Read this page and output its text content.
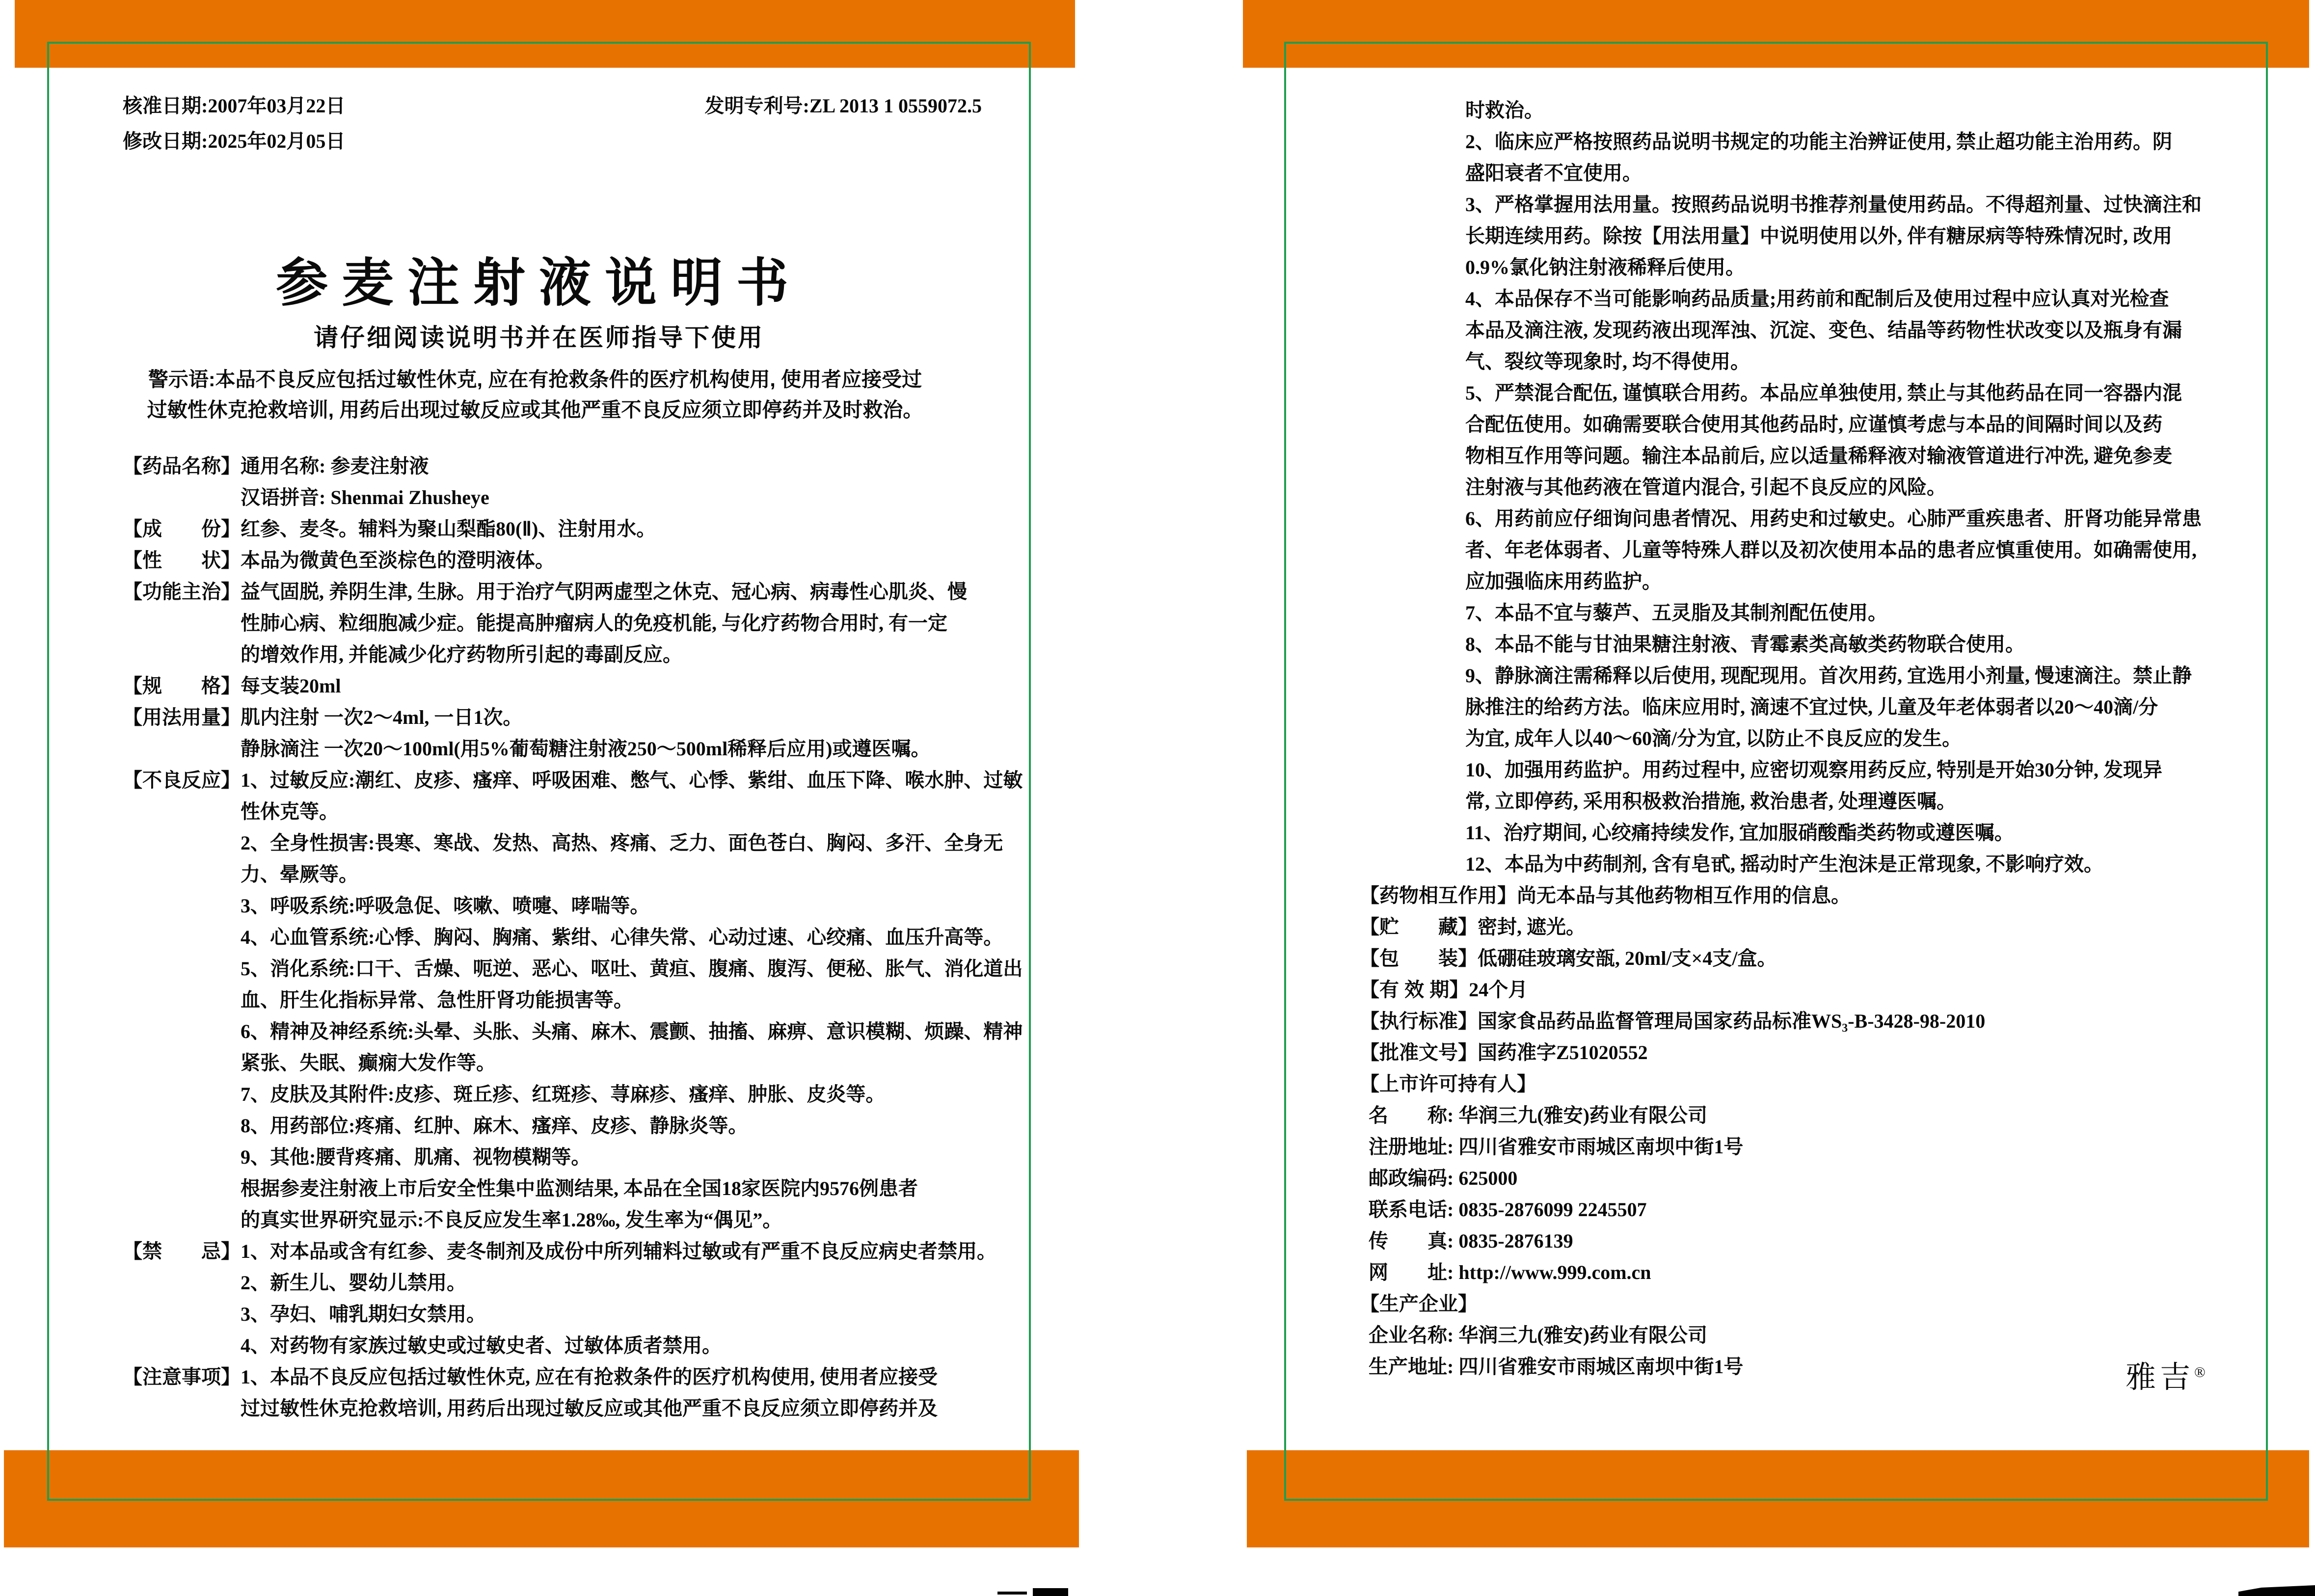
核准日期:2007年03月22日
修改日期:2025年02月05日
发明专利号:ZL 2013 1 0559072.5
参麦注射液说明书
请仔细阅读说明书并在医师指导下使用
警示语:本品不良反应包括过敏性休克, 应在有抢救条件的医疗机构使用, 使用者应接受过
过敏性休克抢救培训, 用药后出现过敏反应或其他严重不良反应须立即停药并及时救治。
【药品名称】 通用名称: 参麦注射液
汉语拼音: Shenmai Zhusheye
【成　　份】 红参、麦冬。辅料为聚山梨酯80(Ⅱ)、注射用水。
【性　　状】 本品为微黄色至淡棕色的澄明液体。
【功能主治】 益气固脱, 养阴生津, 生脉。用于治疗气阴两虚型之休克、冠心病、病毒性心肌炎、慢
性肺心病、粒细胞减少症。能提高肿瘤病人的免疫机能, 与化疗药物合用时, 有一定
的增效作用, 并能减少化疗药物所引起的毒副反应。
【规　　格】 每支装20ml
【用法用量】 肌内注射 一次2～4ml, 一日1次。
静脉滴注 一次20～100ml(用5%葡萄糖注射液250～500ml稀释后应用)或遵医嘱。
【不良反应】 1、过敏反应:潮红、皮疹、瘙痒、呼吸困难、憋气、心悸、紫绀、血压下降、喉水肿、过敏
性休克等。
2、全身性损害:畏寒、寒战、发热、高热、疼痛、乏力、面色苍白、胸闷、多汗、全身无
力、晕厥等。
3、呼吸系统:呼吸急促、咳嗽、喷嚏、哮喘等。
4、心血管系统:心悸、胸闷、胸痛、紫绀、心律失常、心动过速、心绞痛、血压升高等。
5、消化系统:口干、舌燥、呃逆、恶心、呕吐、黄疸、腹痛、腹泻、便秘、胀气、消化道出
血、肝生化指标异常、急性肝肾功能损害等。
6、精神及神经系统:头晕、头胀、头痛、麻木、震颤、抽搐、麻痹、意识模糊、烦躁、精神
紧张、失眠、癫痫大发作等。
7、皮肤及其附件:皮疹、斑丘疹、红斑疹、荨麻疹、瘙痒、肿胀、皮炎等。
8、用药部位:疼痛、红肿、麻木、瘙痒、皮疹、静脉炎等。
9、其他:腰背疼痛、肌痛、视物模糊等。
根据参麦注射液上市后安全性集中监测结果, 本品在全国18家医院内9576例患者
的真实世界研究显示:不良反应发生率1.28‰, 发生率为“偶见”。
【禁　　忌】 1、对本品或含有红参、麦冬制剂及成份中所列辅料过敏或有严重不良反应病史者禁用。
2、新生儿、婴幼儿禁用。
3、孕妇、哺乳期妇女禁用。
4、对药物有家族过敏史或过敏史者、过敏体质者禁用。
【注意事项】 1、本品不良反应包括过敏性休克, 应在有抢救条件的医疗机构使用, 使用者应接受
过过敏性休克抢救培训, 用药后出现过敏反应或其他严重不良反应须立即停药并及
时救治。
2、临床应严格按照药品说明书规定的功能主治辨证使用, 禁止超功能主治用药。阴
盛阳衰者不宜使用。
3、严格掌握用法用量。按照药品说明书推荐剂量使用药品。不得超剂量、过快滴注和
长期连续用药。除按【用法用量】中说明使用以外, 伴有糖尿病等特殊情况时, 改用
0.9%氯化钠注射液稀释后使用。
4、本品保存不当可能影响药品质量;用药前和配制后及使用过程中应认真对光检查
本品及滴注液, 发现药液出现浑浊、沉淀、变色、结晶等药物性状改变以及瓶身有漏
气、裂纹等现象时, 均不得使用。
5、严禁混合配伍, 谨慎联合用药。本品应单独使用, 禁止与其他药品在同一容器内混
合配伍使用。如确需要联合使用其他药品时, 应谨慎考虑与本品的间隔时间以及药
物相互作用等问题。输注本品前后, 应以适量稀释液对输液管道进行冲洗, 避免参麦
注射液与其他药液在管道内混合, 引起不良反应的风险。
6、用药前应仔细询问患者情况、用药史和过敏史。心肺严重疾患者、肝肾功能异常患
者、年老体弱者、儿童等特殊人群以及初次使用本品的患者应慎重使用。如确需使用,
应加强临床用药监护。
7、本品不宜与藜芦、五灵脂及其制剂配伍使用。
8、本品不能与甘油果糖注射液、青霉素类高敏类药物联合使用。
9、静脉滴注需稀释以后使用, 现配现用。首次用药, 宜选用小剂量, 慢速滴注。禁止静
脉推注的给药方法。临床应用时, 滴速不宜过快, 儿童及年老体弱者以20～40滴/分
为宜, 成年人以40～60滴/分为宜, 以防止不良反应的发生。
10、加强用药监护。用药过程中, 应密切观察用药反应, 特别是开始30分钟, 发现异
常, 立即停药, 采用积极救治措施, 救治患者, 处理遵医嘱。
11、治疗期间, 心绞痛持续发作, 宜加服硝酸酯类药物或遵医嘱。
12、本品为中药制剂, 含有皂甙, 摇动时产生泡沫是正常现象, 不影响疗效。
【药物相互作用】尚无本品与其他药物相互作用的信息。
【贮　　藏】密封, 遮光。
【包　　装】低硼硅玻璃安瓿, 20ml/支×4支/盒。
【有 效 期】24个月
【执行标准】国家食品药品监督管理局国家药品标准WS₃-B-3428-98-2010
【批准文号】国药准字Z51020552
【上市许可持有人】
名　　称: 华润三九(雅安)药业有限公司
注册地址: 四川省雅安市雨城区南坝中街1号
邮政编码: 625000
联系电话: 0835-2876099 2245507
传　　真: 0835-2876139
网　　址: http://www.999.com.cn
【生产企业】
企业名称: 华润三九(雅安)药业有限公司
生产地址: 四川省雅安市雨城区南坝中街1号	雅吉®
